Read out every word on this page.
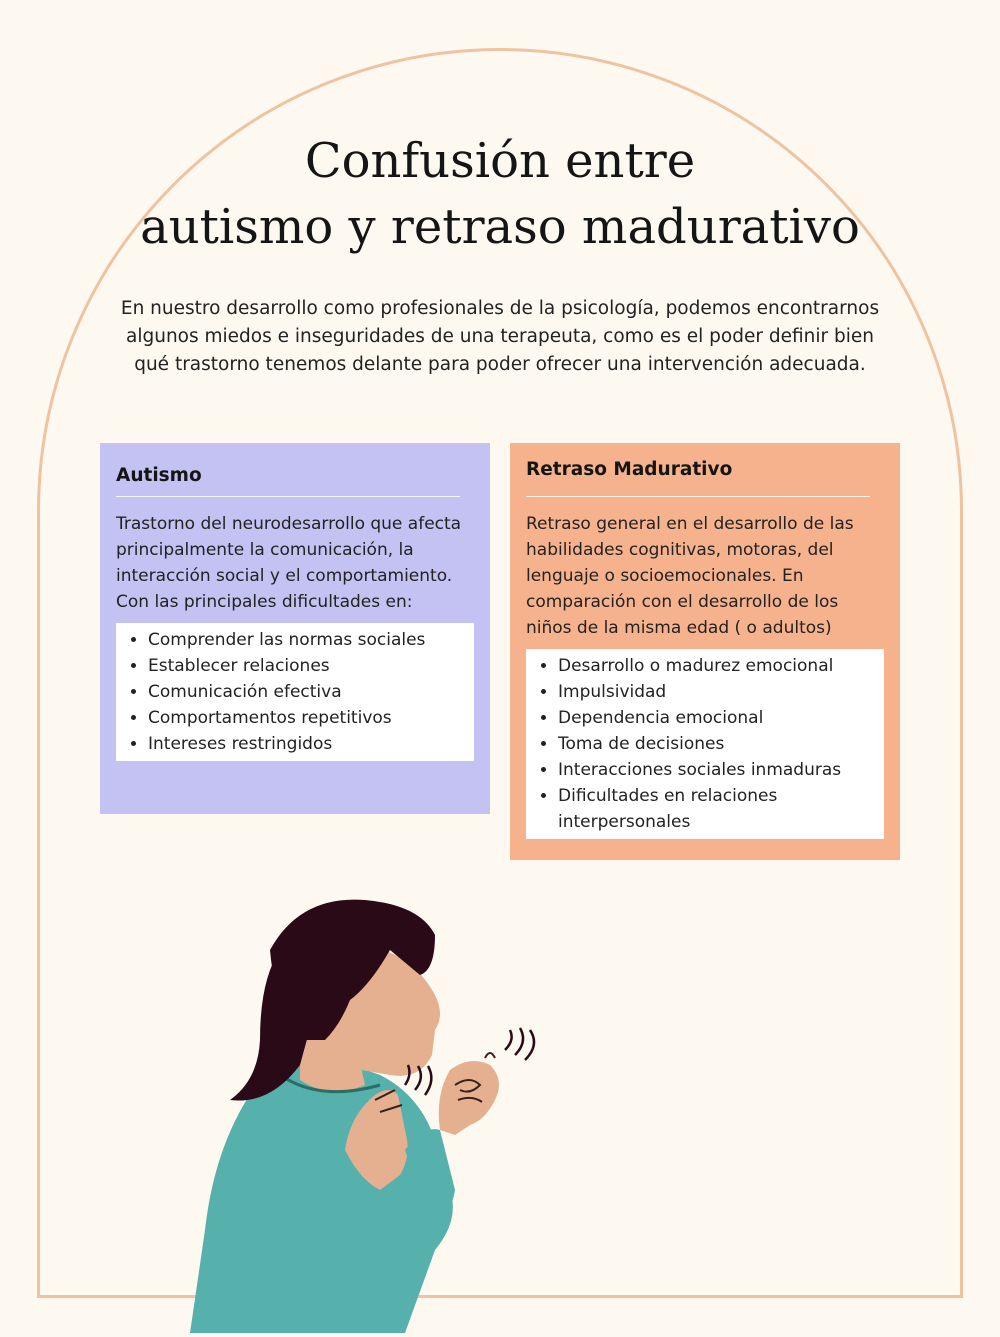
Confusión entre
autismo y retraso madurativo

En nuestro desarrollo como profesionales de la psicología, podemos encontrarnos algunos miedos e inseguridades de una terapeuta, como es el poder definir bien qué trastorno tenemos delante para poder ofrecer una intervención adecuada.

Autismo

Trastorno del neurodesarrollo que afecta principalmente la comunicación, la interacción social y el comportamiento.

Con las principales dificultades en:

• Comprender las normas sociales
• Establecer relaciones
• Comunicación efectiva
• Comportamentos repetitivos
• Intereses restringidos
Retraso Madurativo

Retraso general en el desarrollo de las habilidades cognitivas, motoras, del lenguaje o socioemocionales. En comparación con el desarrollo de los niños de la misma edad ( o adultos)

• Desarrollo o madurez emocional
• Impulsividad
• Dependencia emocional
• Toma de decisiones
• Interacciones sociales inmaduras
• Dificultades en relaciones interpersonales
